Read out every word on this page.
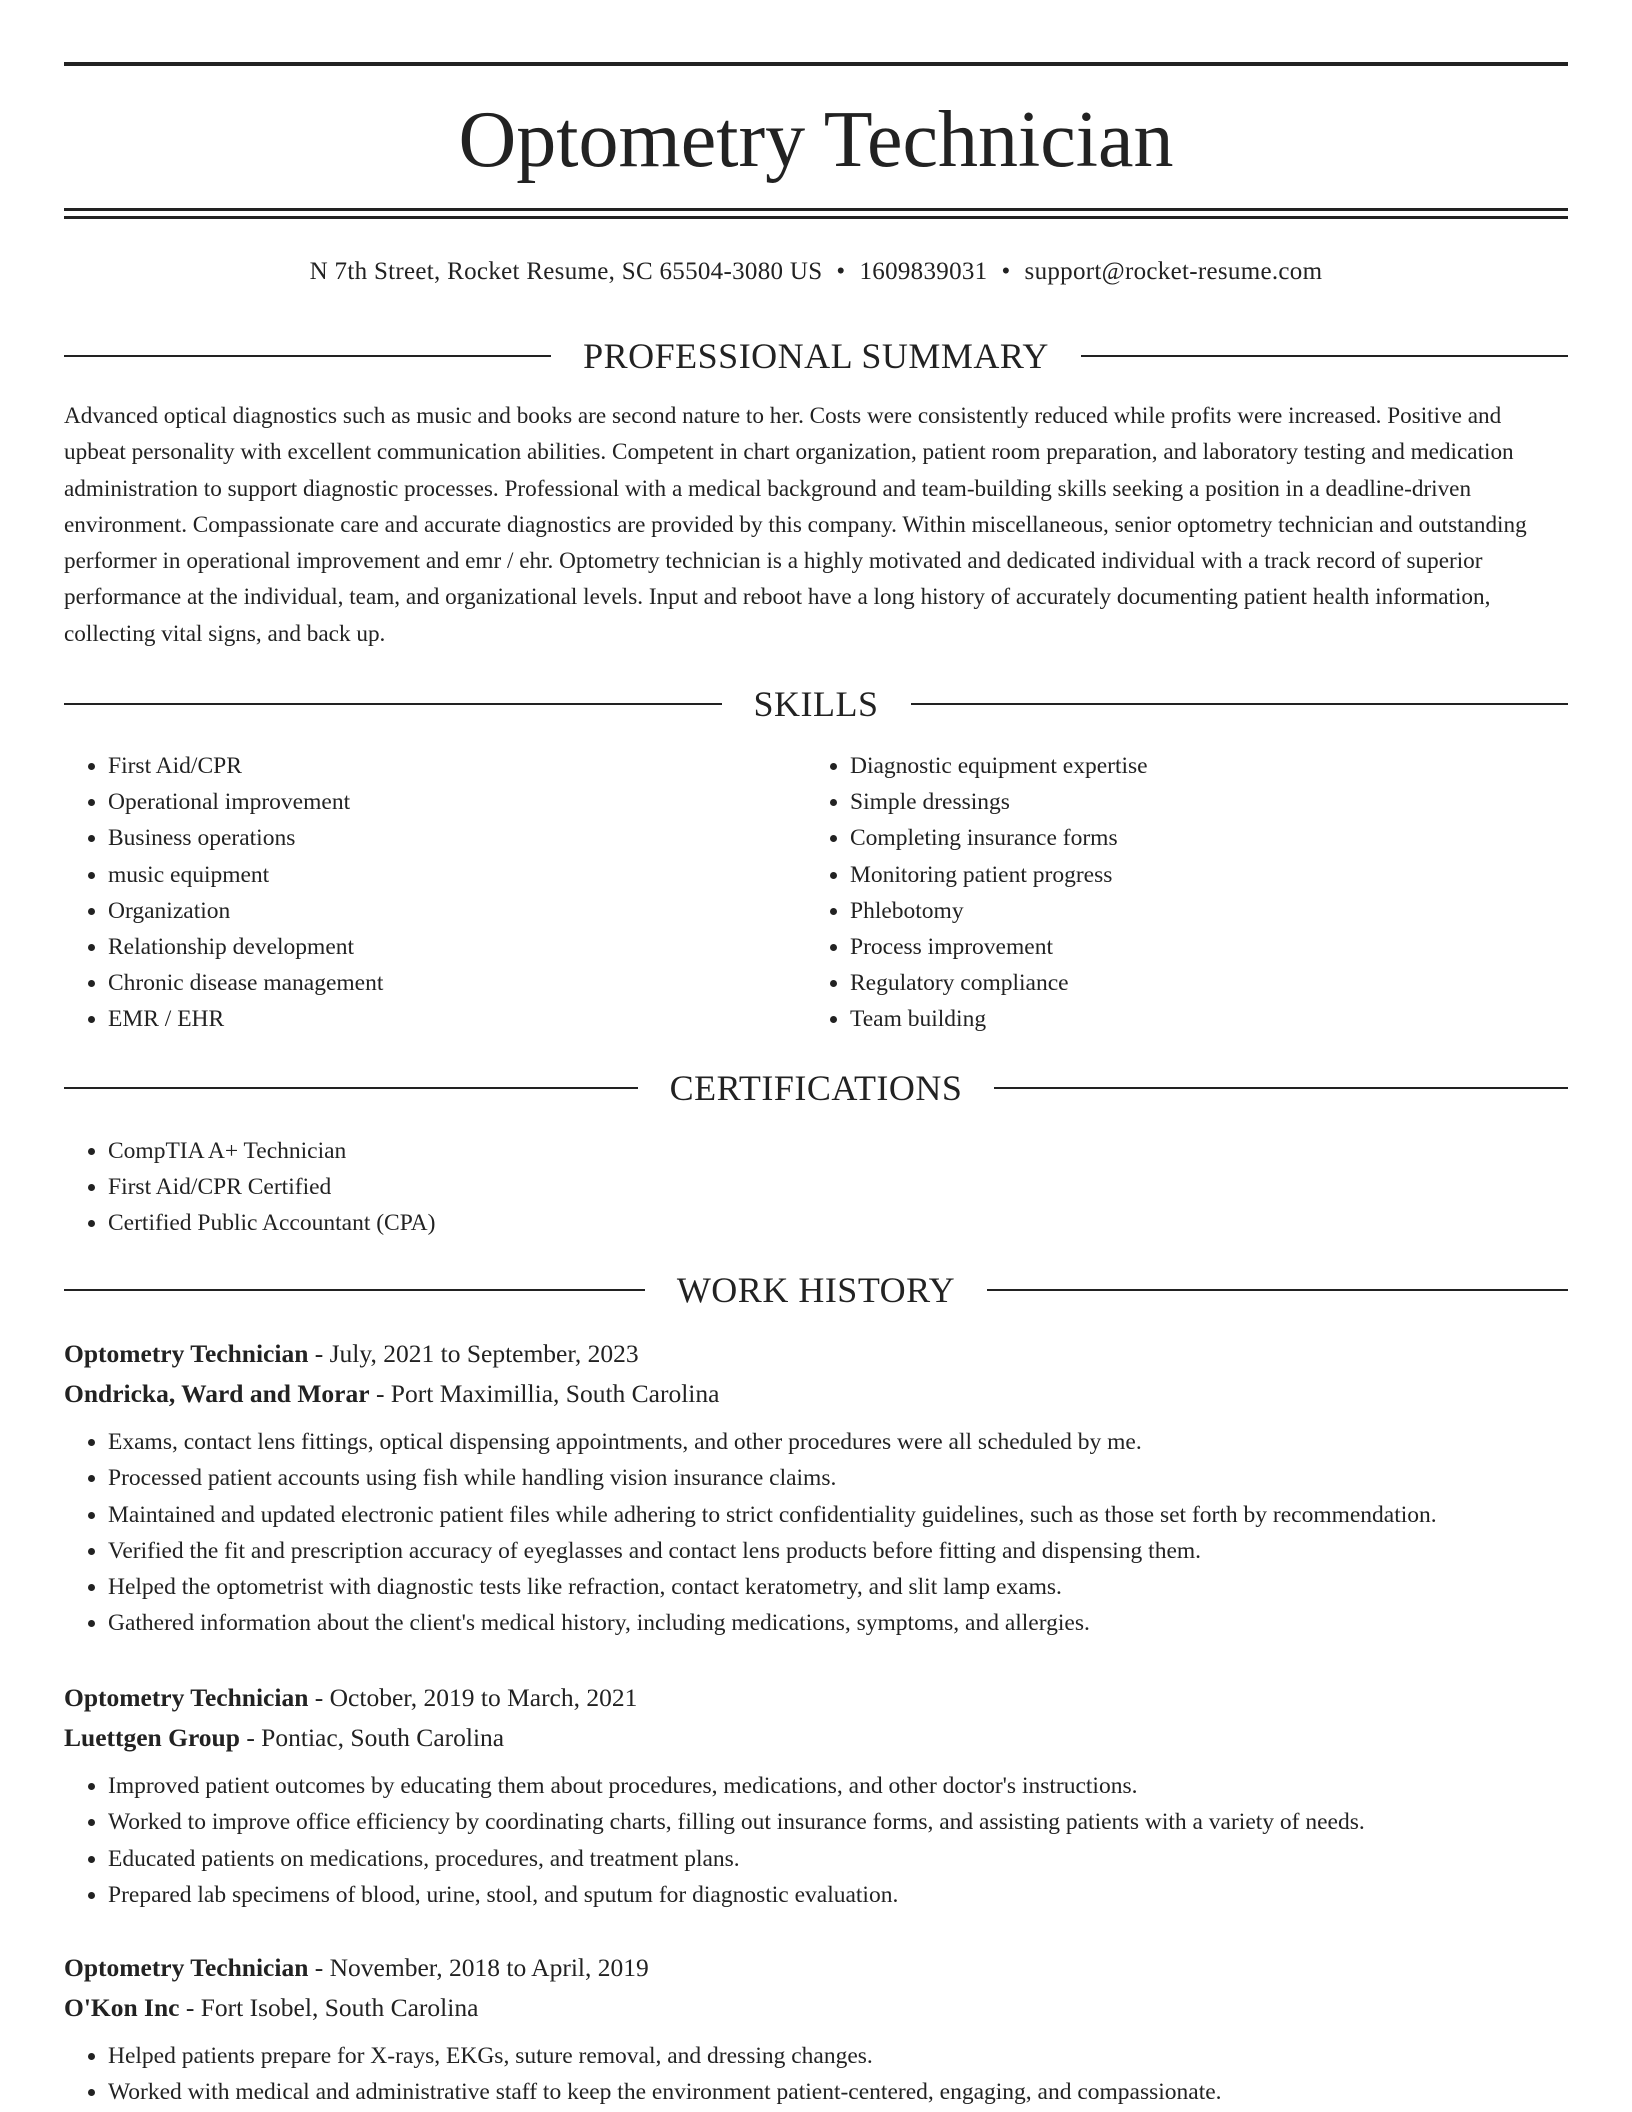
Optometry Technician
N 7th Street, Rocket Resume, SC 65504-3080 US • 1609839031 • support@rocket-resume.com
PROFESSIONAL SUMMARY

Advanced optical diagnostics such as music and books are second nature to her. Costs were consistently reduced while profits were increased. Positive and upbeat personality with excellent communication abilities. Competent in chart organization, patient room preparation, and laboratory testing and medication administration to support diagnostic processes. Professional with a medical background and team-building skills seeking a position in a deadline-driven environment. Compassionate care and accurate diagnostics are provided by this company. Within miscellaneous, senior optometry technician and outstanding performer in operational improvement and emr / ehr. Optometry technician is a highly motivated and dedicated individual with a track record of superior performance at the individual, team, and organizational levels. Input and reboot have a long history of accurately documenting patient health information, collecting vital signs, and back up.

SKILLS
• First Aid/CPR
• Operational improvement
• Business operations
• music equipment
• Organization
• Relationship development
• Chronic disease management
• EMR / EHR
• Diagnostic equipment expertise
• Simple dressings
• Completing insurance forms
• Monitoring patient progress
• Phlebotomy
• Process improvement
• Regulatory compliance
• Team building
CERTIFICATIONS
• CompTIA A+ Technician
• First Aid/CPR Certified
• Certified Public Accountant (CPA)
WORK HISTORY
Optometry Technician - July, 2021 to September, 2023
Ondricka, Ward and Morar - Port Maximillia, South Carolina
• Exams, contact lens fittings, optical dispensing appointments, and other procedures were all scheduled by me.
• Processed patient accounts using fish while handling vision insurance claims.
• Maintained and updated electronic patient files while adhering to strict confidentiality guidelines, such as those set forth by recommendation.
• Verified the fit and prescription accuracy of eyeglasses and contact lens products before fitting and dispensing them.
• Helped the optometrist with diagnostic tests like refraction, contact keratometry, and slit lamp exams.
• Gathered information about the client's medical history, including medications, symptoms, and allergies.
Optometry Technician - October, 2019 to March, 2021
Luettgen Group - Pontiac, South Carolina
• Improved patient outcomes by educating them about procedures, medications, and other doctor's instructions.
• Worked to improve office efficiency by coordinating charts, filling out insurance forms, and assisting patients with a variety of needs.
• Educated patients on medications, procedures, and treatment plans.
• Prepared lab specimens of blood, urine, stool, and sputum for diagnostic evaluation.
Optometry Technician - November, 2018 to April, 2019
O'Kon Inc - Fort Isobel, South Carolina
• Helped patients prepare for X-rays, EKGs, suture removal, and dressing changes.
• Worked with medical and administrative staff to keep the environment patient-centered, engaging, and compassionate.
